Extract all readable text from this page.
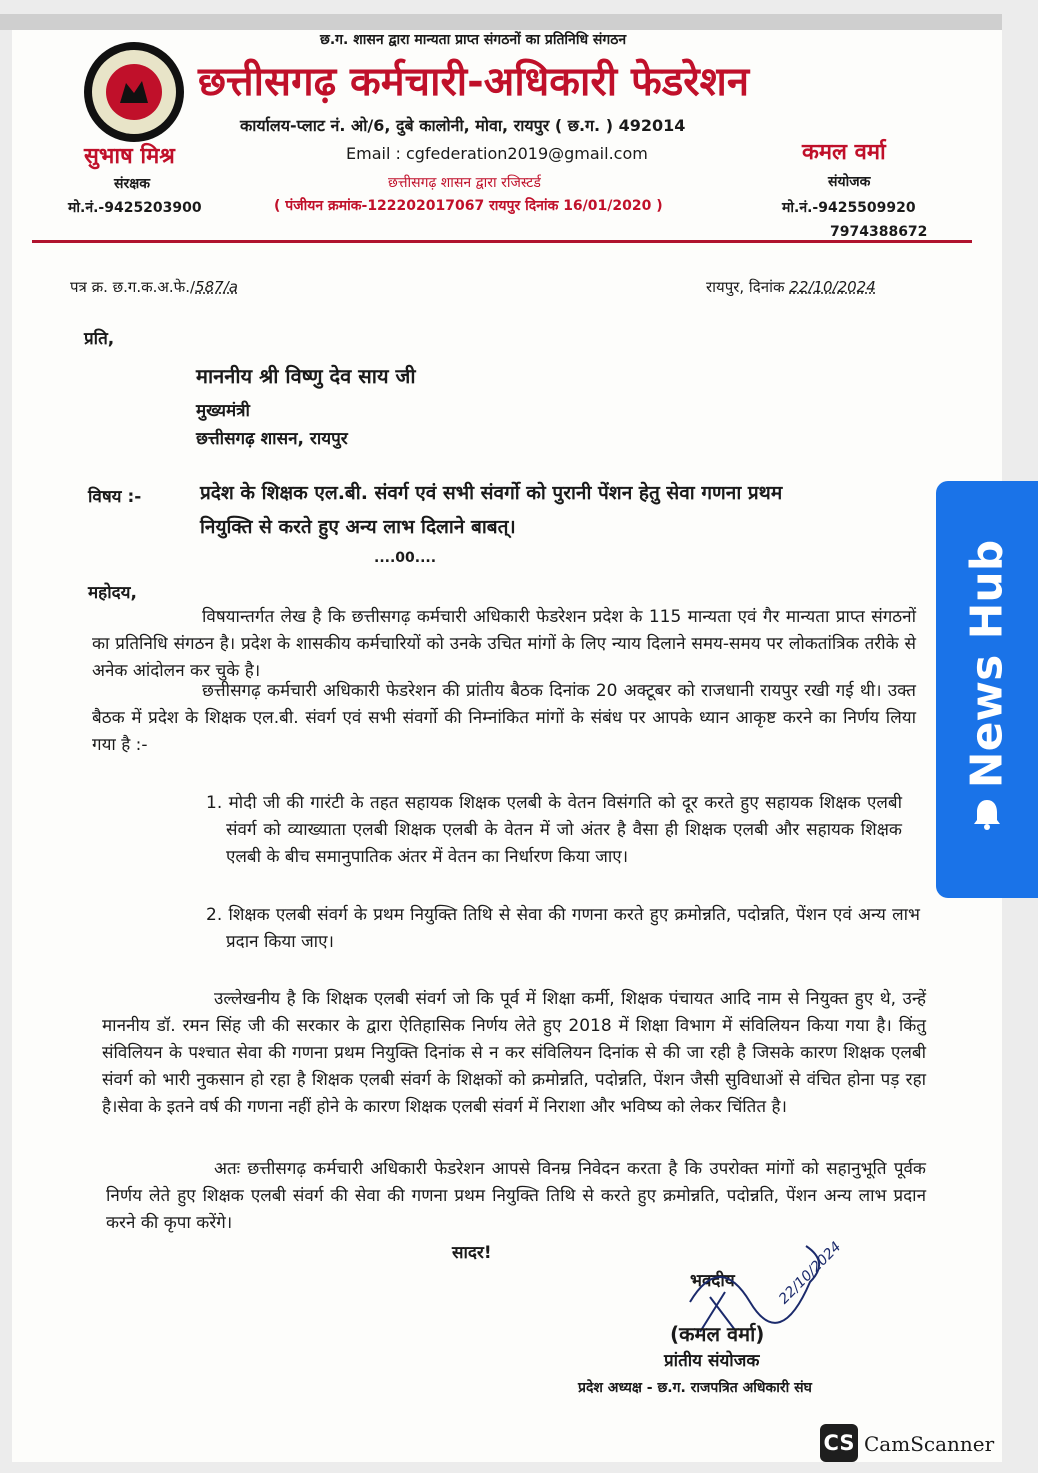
छ.ग. शासन द्वारा मान्यता प्राप्त संगठनों का प्रतिनिधि संगठन
छत्तीसगढ़ कर्मचारी-अधिकारी फेडरेशन
कार्यालय-प्लाट नं. ओ/6, दुबे कालोनी, मोवा, रायपुर ( छ.ग. ) 492014
Email : cgfederation2019@gmail.com
छत्तीसगढ़ शासन द्वारा रजिस्टर्ड
( पंजीयन क्रमांक-122202017067 रायपुर दिनांक 16/01/2020 )
सुभाष मिश्र
संरक्षक
मो.नं.-9425203900
कमल वर्मा
संयोजक
मो.नं.-9425509920
7974388672
पत्र क्र. छ.ग.क.अ.फे./587/a	रायपुर, दिनांक 22/10/2024
प्रति,
माननीय श्री विष्णु देव साय जी
मुख्यमंत्री
छत्तीसगढ़ शासन, रायपुर
विषय :-	प्रदेश के शिक्षक एल.बी. संवर्ग एवं सभी संवर्गो को पुरानी पेंशन हेतु सेवा गणना प्रथम
नियुक्ति से करते हुए अन्य लाभ दिलाने बाबत्।
....00....
महोदय,
विषयान्तर्गत लेख है कि छत्तीसगढ़ कर्मचारी अधिकारी फेडरेशन प्रदेश के 115 मान्यता एवं गैर मान्यता प्राप्त संगठनों का प्रतिनिधि संगठन है। प्रदेश के शासकीय कर्मचारियों को उनके उचित मांगों के लिए न्याय दिलाने समय-समय पर लोकतांत्रिक तरीके से अनेक आंदोलन कर चुके है।
छत्तीसगढ़ कर्मचारी अधिकारी फेडरेशन की प्रांतीय बैठक दिनांक 20 अक्टूबर को राजधानी रायपुर रखी गई थी। उक्त बैठक में प्रदेश के शिक्षक एल.बी. संवर्ग एवं सभी संवर्गो की निम्नांकित मांगों के संबंध पर आपके ध्यान आकृष्ट करने का निर्णय लिया गया है :-
1. मोदी जी की गारंटी के तहत सहायक शिक्षक एलबी के वेतन विसंगति को दूर करते हुए सहायक शिक्षक एलबी संवर्ग को व्याख्याता एलबी शिक्षक एलबी के वेतन में जो अंतर है वैसा ही शिक्षक एलबी और सहायक शिक्षक एलबी के बीच समानुपातिक अंतर में वेतन का निर्धारण किया जाए।
2. शिक्षक एलबी संवर्ग के प्रथम नियुक्ति तिथि से सेवा की गणना करते हुए क्रमोन्नति, पदोन्नति, पेंशन एवं अन्य लाभ प्रदान किया जाए।
उल्लेखनीय है कि शिक्षक एलबी संवर्ग जो कि पूर्व में शिक्षा कर्मी, शिक्षक पंचायत आदि नाम से नियुक्त हुए थे, उन्हें माननीय डॉ. रमन सिंह जी की सरकार के द्वारा ऐतिहासिक निर्णय लेते हुए 2018 में शिक्षा विभाग में संविलियन किया गया है। किंतु संविलियन के पश्चात सेवा की गणना प्रथम नियुक्ति दिनांक से न कर संविलियन दिनांक से की जा रही है जिसके कारण शिक्षक एलबी संवर्ग को भारी नुकसान हो रहा है शिक्षक एलबी संवर्ग के शिक्षकों को क्रमोन्नति, पदोन्नति, पेंशन जैसी सुविधाओं से वंचित होना पड़ रहा है।सेवा के इतने वर्ष की गणना नहीं होने के कारण शिक्षक एलबी संवर्ग में निराशा और भविष्य को लेकर चिंतित है।
अतः छत्तीसगढ़ कर्मचारी अधिकारी फेडरेशन आपसे विनम्र निवेदन करता है कि उपरोक्त मांगों को सहानुभूति पूर्वक निर्णय लेते हुए शिक्षक एलबी संवर्ग की सेवा की गणना प्रथम नियुक्ति तिथि से करते हुए क्रमोन्नति, पदोन्नति, पेंशन अन्य लाभ प्रदान करने की कृपा करेंगे।
सादर!
भवदीय	22/10/2024
(कमल वर्मा)
प्रांतीय संयोजक
प्रदेश अध्यक्ष - छ.ग. राजपत्रित अधिकारी संघ
News Hub
CS CamScanner
